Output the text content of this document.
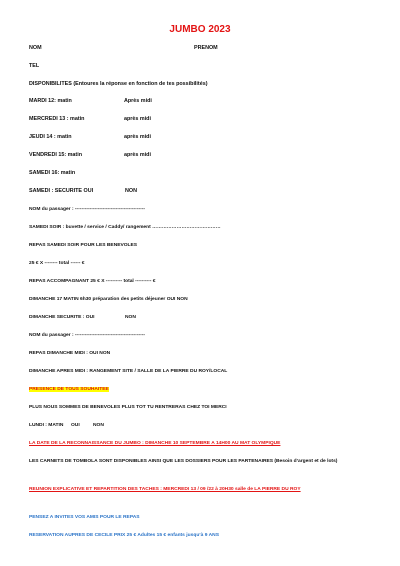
JUMBO 2023
NOM	PRENOM
TEL
DISPONIBILITES (Entoures la réponse en fonction de tes possibilités)
MARDI 12: matin	Après midi
MERCREDI 13 : matin	après midi
JEUDI 14 : matin	après midi
VENDREDI 15: matin	après midi
SAMEDI 16: matin
SAMEDI : SECURITE OUI	NON
NOM du passager : -------------------------------------------
SAMEDI SOIR : buvette / service / Caddy/ rangement ……………………………………
REPAS SAMEDI SOIR POUR LES BENEVOLES
25 € X -------- total ------ €
REPAS ACCOMPAGNANT 25 € X ---------- total ---------- €
DIMANCHE 17 MATIN 6h30 préparation des petits déjeuner OUI NON
DIMANCHE SECURITE : OUI	NON
NOM du passager : -------------------------------------------
REPAS DIMANCHE MIDI : OUI NON
DIMANCHE APRES MIDI : RANGEMENT SITE / SALLE DE LA PIERRE DU ROY/LOCAL
PRESENCE DE TOUS SOUHAITEE
PLUS NOUS SOMMES DE BENEVOLES PLUS TOT TU RENTRERAS CHEZ TOI MERCI
LUNDI : MATIN OUI	NON
LA DATE DE LA RECONNAISSANCE DU JUMBO : DIMANCHE 10 SEPTEMBRE A 14H00 AU MAT OLYMPIQUE
LES CARNETS DE TOMBOLA SONT DISPONIBLES AINSI QUE LES DOSSIERS POUR LES PARTENAIRES (Besoin d’argent et de lots)
REUNION EXPLICATIVE ET REPARTITION DES TACHES : MERCREDI 13 / 09 /22 à 20H30 salle de LA PIERRE DU ROY
PENSEZ A INVITES VOS AMIS POUR LE REPAS
RESERVATION AUPRES DE CECILE PRIX 25 € Adultes 15 € enfants jusqu’à 9 ANS
